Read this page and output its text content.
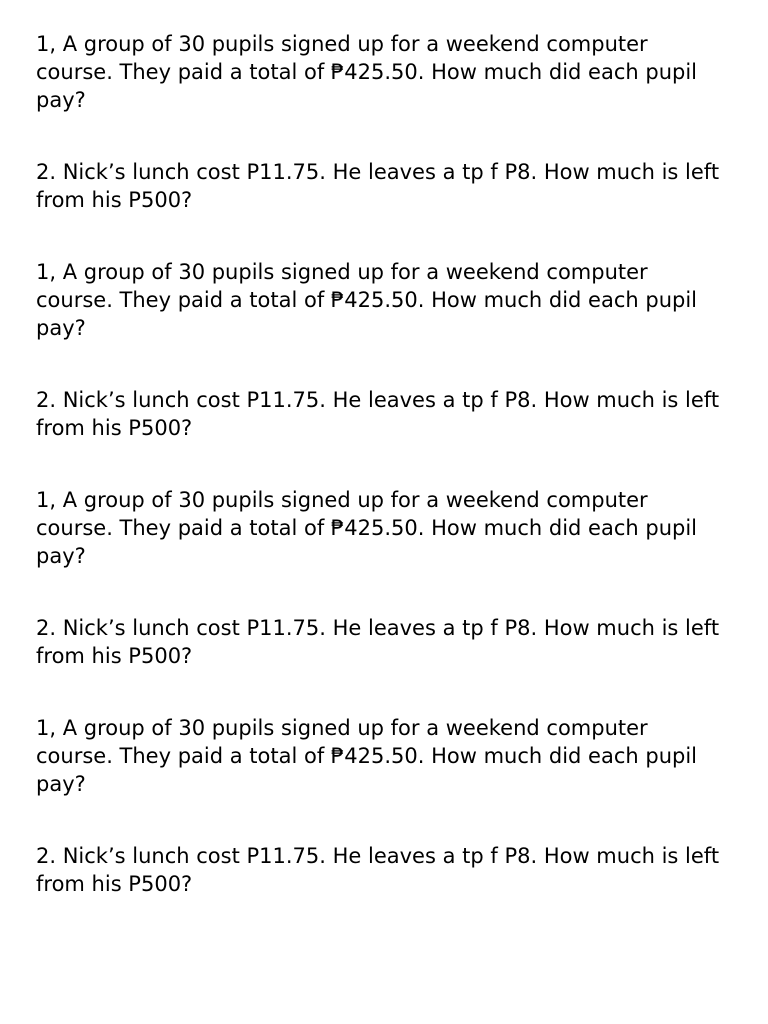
1, A group of 30 pupils signed up for a weekend computer course. They paid a total of ₱425.50. How much did each pupil pay?

2. Nick’s lunch cost P11.75. He leaves a tp f P8. How much is left from his P500?

1, A group of 30 pupils signed up for a weekend computer course. They paid a total of ₱425.50. How much did each pupil pay?

2. Nick’s lunch cost P11.75. He leaves a tp f P8. How much is left from his P500?

1, A group of 30 pupils signed up for a weekend computer course. They paid a total of ₱425.50. How much did each pupil pay?

2. Nick’s lunch cost P11.75. He leaves a tp f P8. How much is left from his P500?

1, A group of 30 pupils signed up for a weekend computer course. They paid a total of ₱425.50. How much did each pupil pay?

2. Nick’s lunch cost P11.75. He leaves a tp f P8. How much is left from his P500?
